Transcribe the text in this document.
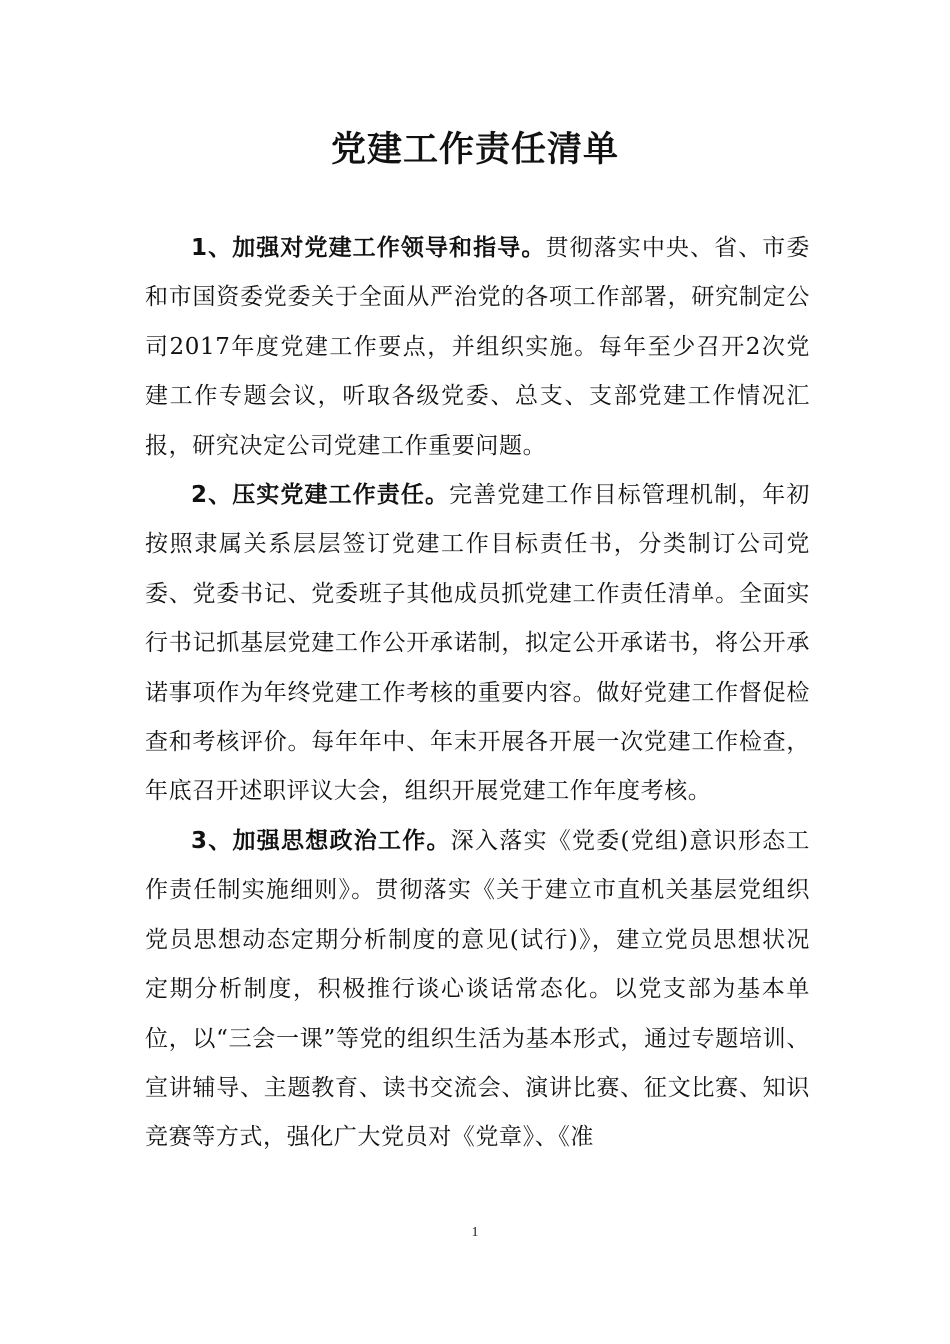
党建工作责任清单

1、加强对党建工作领导和指导。贯彻落实中央、省、市委和市国资委党委关于全面从严治党的各项工作部署，研究制定公司2017年度党建工作要点，并组织实施。每年至少召开2次党建工作专题会议，听取各级党委、总支、支部党建工作情况汇报，研究决定公司党建工作重要问题。

2、压实党建工作责任。完善党建工作目标管理机制，年初按照隶属关系层层签订党建工作目标责任书，分类制订公司党委、党委书记、党委班子其他成员抓党建工作责任清单。全面实行书记抓基层党建工作公开承诺制，拟定公开承诺书，将公开承诺事项作为年终党建工作考核的重要内容。做好党建工作督促检查和考核评价。每年年中、年末开展各开展一次党建工作检查，年底召开述职评议大会，组织开展党建工作年度考核。

3、加强思想政治工作。深入落实《党委(党组)意识形态工作责任制实施细则》。贯彻落实《关于建立市直机关基层党组织党员思想动态定期分析制度的意见(试行)》，建立党员思想状况定期分析制度，积极推行谈心谈话常态化。以党支部为基本单位，以“三会一课”等党的组织生活为基本形式，通过专题培训、宣讲辅导、主题教育、读书交流会、演讲比赛、征文比赛、知识竞赛等方式，强化广大党员对《党章》、《准

1
